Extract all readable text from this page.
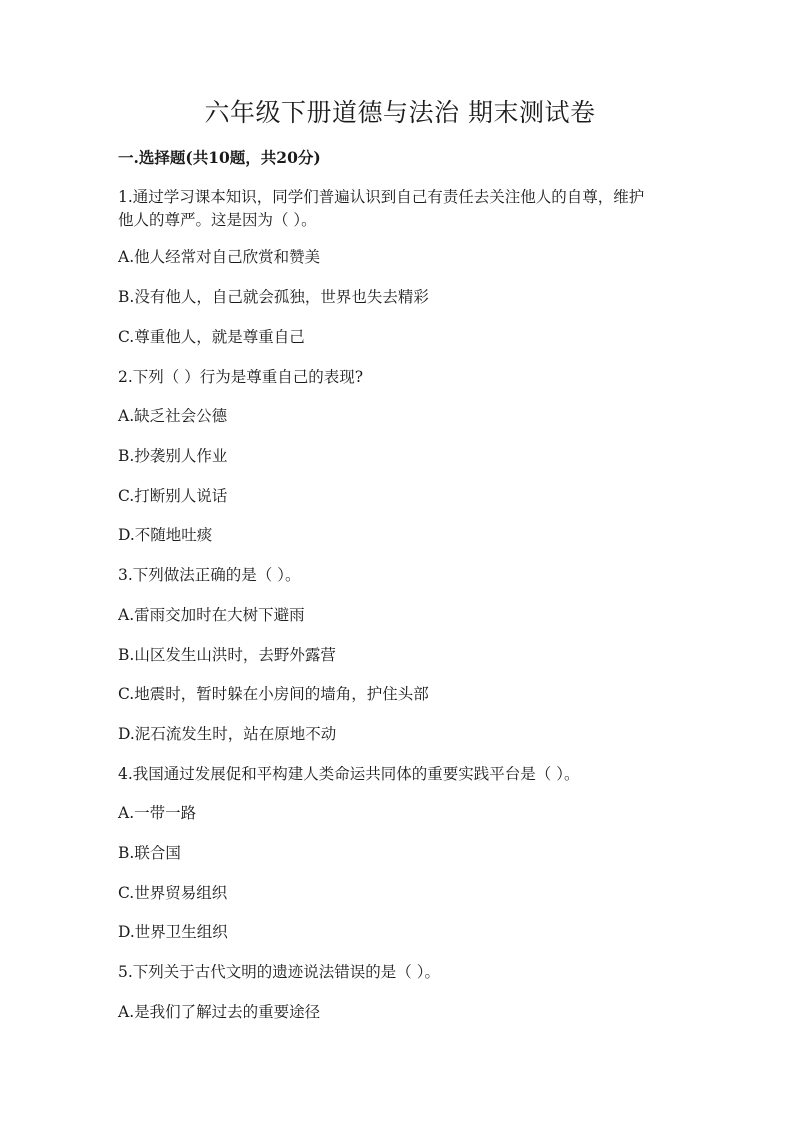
六年级下册道德与法治 期末测试卷
一.选择题(共10题，共20分)
1.通过学习课本知识，同学们普遍认识到自己有责任去关注他人的自尊，维护
他人的尊严。这是因为（ ）。
A.他人经常对自己欣赏和赞美
B.没有他人，自己就会孤独，世界也失去精彩
C.尊重他人，就是尊重自己
2.下列（ ）行为是尊重自己的表现?
A.缺乏社会公德
B.抄袭别人作业
C.打断别人说话
D.不随地吐痰
3.下列做法正确的是（ ）。
A.雷雨交加时在大树下避雨
B.山区发生山洪时，去野外露营
C.地震时，暂时躲在小房间的墙角，护住头部
D.泥石流发生时，站在原地不动
4.我国通过发展促和平构建人类命运共同体的重要实践平台是（ ）。
A.一带一路
B.联合国
C.世界贸易组织
D.世界卫生组织
5.下列关于古代文明的遗迹说法错误的是（ ）。
A.是我们了解过去的重要途径
